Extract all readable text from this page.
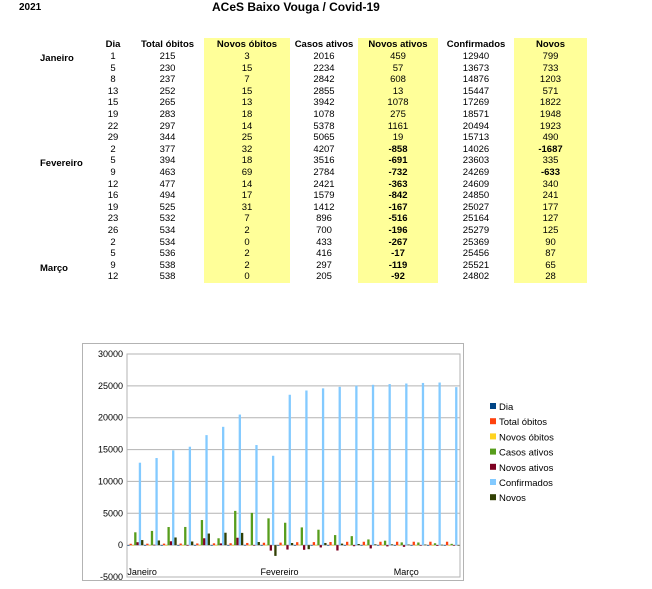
2021	ACeS Baixo Vouga / Covid-19
Janeiro
Fevereiro
Março
Dia	Total óbitos	Novos óbitos	Casos ativos	Novos ativos	Confirmados	Novos
1	215	3	2016	459	12940	799
5	230	15	2234	57	13673	733
8	237	7	2842	608	14876	1203
13	252	15	2855	13	15447	571
15	265	13	3942	1078	17269	1822
19	283	18	1078	275	18571	1948
22	297	14	5378	1161	20494	1923
29	344	25	5065	19	15713	490
2	377	32	4207	-858	14026	-1687
5	394	18	3516	-691	23603	335
9	463	69	2784	-732	24269	-633
12	477	14	2421	-363	24609	340
16	494	17	1579	-842	24850	241
19	525	31	1412	-167	25027	177
23	532	7	896	-516	25164	127
26	534	2	700	-196	25279	125
2	534	0	433	-267	25369	90
5	536	2	416	-17	25456	87
9	538	2	297	-119	25521	65
12	538	0	205	-92	24802	28
30000
25000
20000
15000
10000
5000
0
-5000 Janeiro	Fevereiro	Março
Dia
Total óbitos
Novos óbitos
Casos ativos
Novos ativos
Confirmados
Novos
